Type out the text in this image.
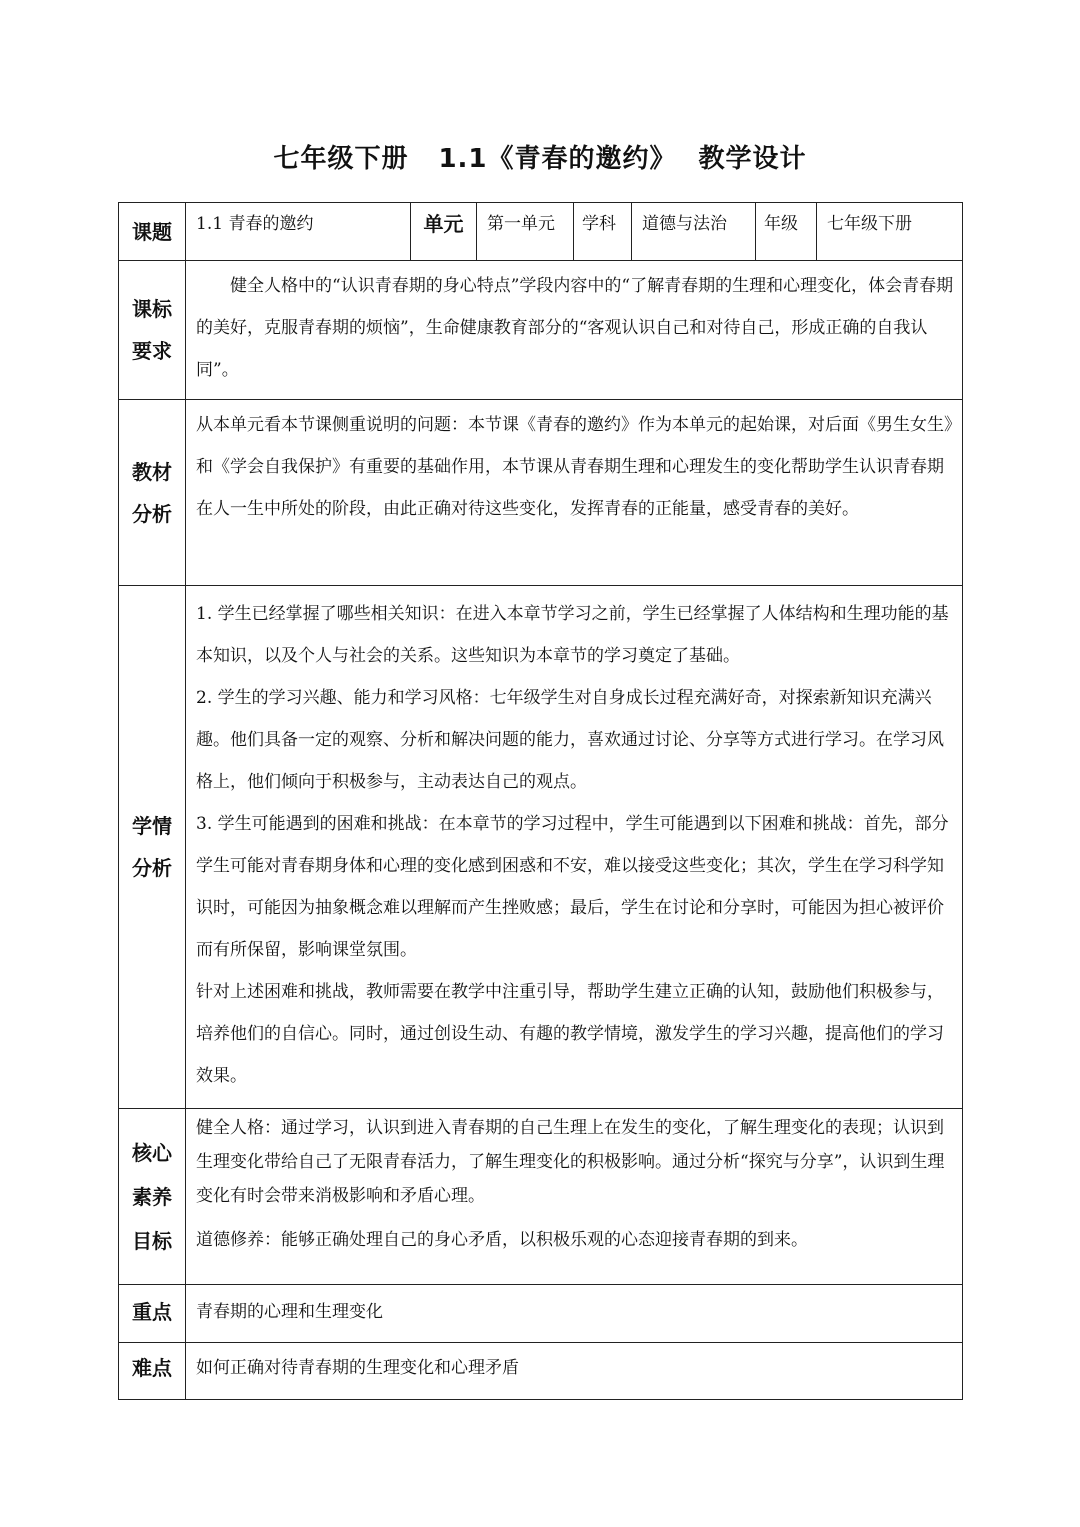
七年级下册 1.1《青春的邀约》 教学设计
课题	1.1 青春的邀约	单元	第一单元	学科	道德与法治	年级	七年级下册
课标要求	健全人格中的“认识青春期的身心特点”学段内容中的“了解青春期的生理和心理变化，体会青春期的美好，克服青春期的烦恼”，生命健康教育部分的“客观认识自己和对待自己，形成正确的自我认同”。						

教材分析	从本单元看本节课侧重说明的问题：本节课《青春的邀约》作为本单元的起始课，对后面《男生女生》和《学会自我保护》有重要的基础作用，本节课从青春期生理和心理发生的变化帮助学生认识青春期在人一生中所处的阶段，由此正确对待这些变化，发挥青春的正能量，感受青春的美好。						

学情分析	1. 学生已经掌握了哪些相关知识：在进入本章节学习之前，学生已经掌握了人体结构和生理功能的基本知识，以及个人与社会的关系。这些知识为本章节的学习奠定了基础。

2. 学生的学习兴趣、能力和学习风格：七年级学生对自身成长过程充满好奇，对探索新知识充满兴趣。他们具备一定的观察、分析和解决问题的能力，喜欢通过讨论、分享等方式进行学习。在学习风格上，他们倾向于积极参与，主动表达自己的观点。

3. 学生可能遇到的困难和挑战：在本章节的学习过程中，学生可能遇到以下困难和挑战：首先，部分学生可能对青春期身体和心理的变化感到困惑和不安，难以接受这些变化；其次，学生在学习科学知识时，可能因为抽象概念难以理解而产生挫败感；最后，学生在讨论和分享时，可能因为担心被评价而有所保留，影响课堂氛围。

针对上述困难和挑战，教师需要在教学中注重引导，帮助学生建立正确的认知，鼓励他们积极参与，培养他们的自信心。同时，通过创设生动、有趣的教学情境，激发学生的学习兴趣，提高他们的学习效果。						

核心素养目标	健全人格：通过学习，认识到进入青春期的自己生理上在发生的变化，了解生理变化的表现；认识到生理变化带给自己了无限青春活力，了解生理变化的积极影响。通过分析“探究与分享”，认识到生理变化有时会带来消极影响和矛盾心理。

道德修养：能够正确处理自己的身心矛盾，以积极乐观的心态迎接青春期的到来。						

重点	青春期的心理和生理变化						
难点	如何正确对待青春期的生理变化和心理矛盾						
